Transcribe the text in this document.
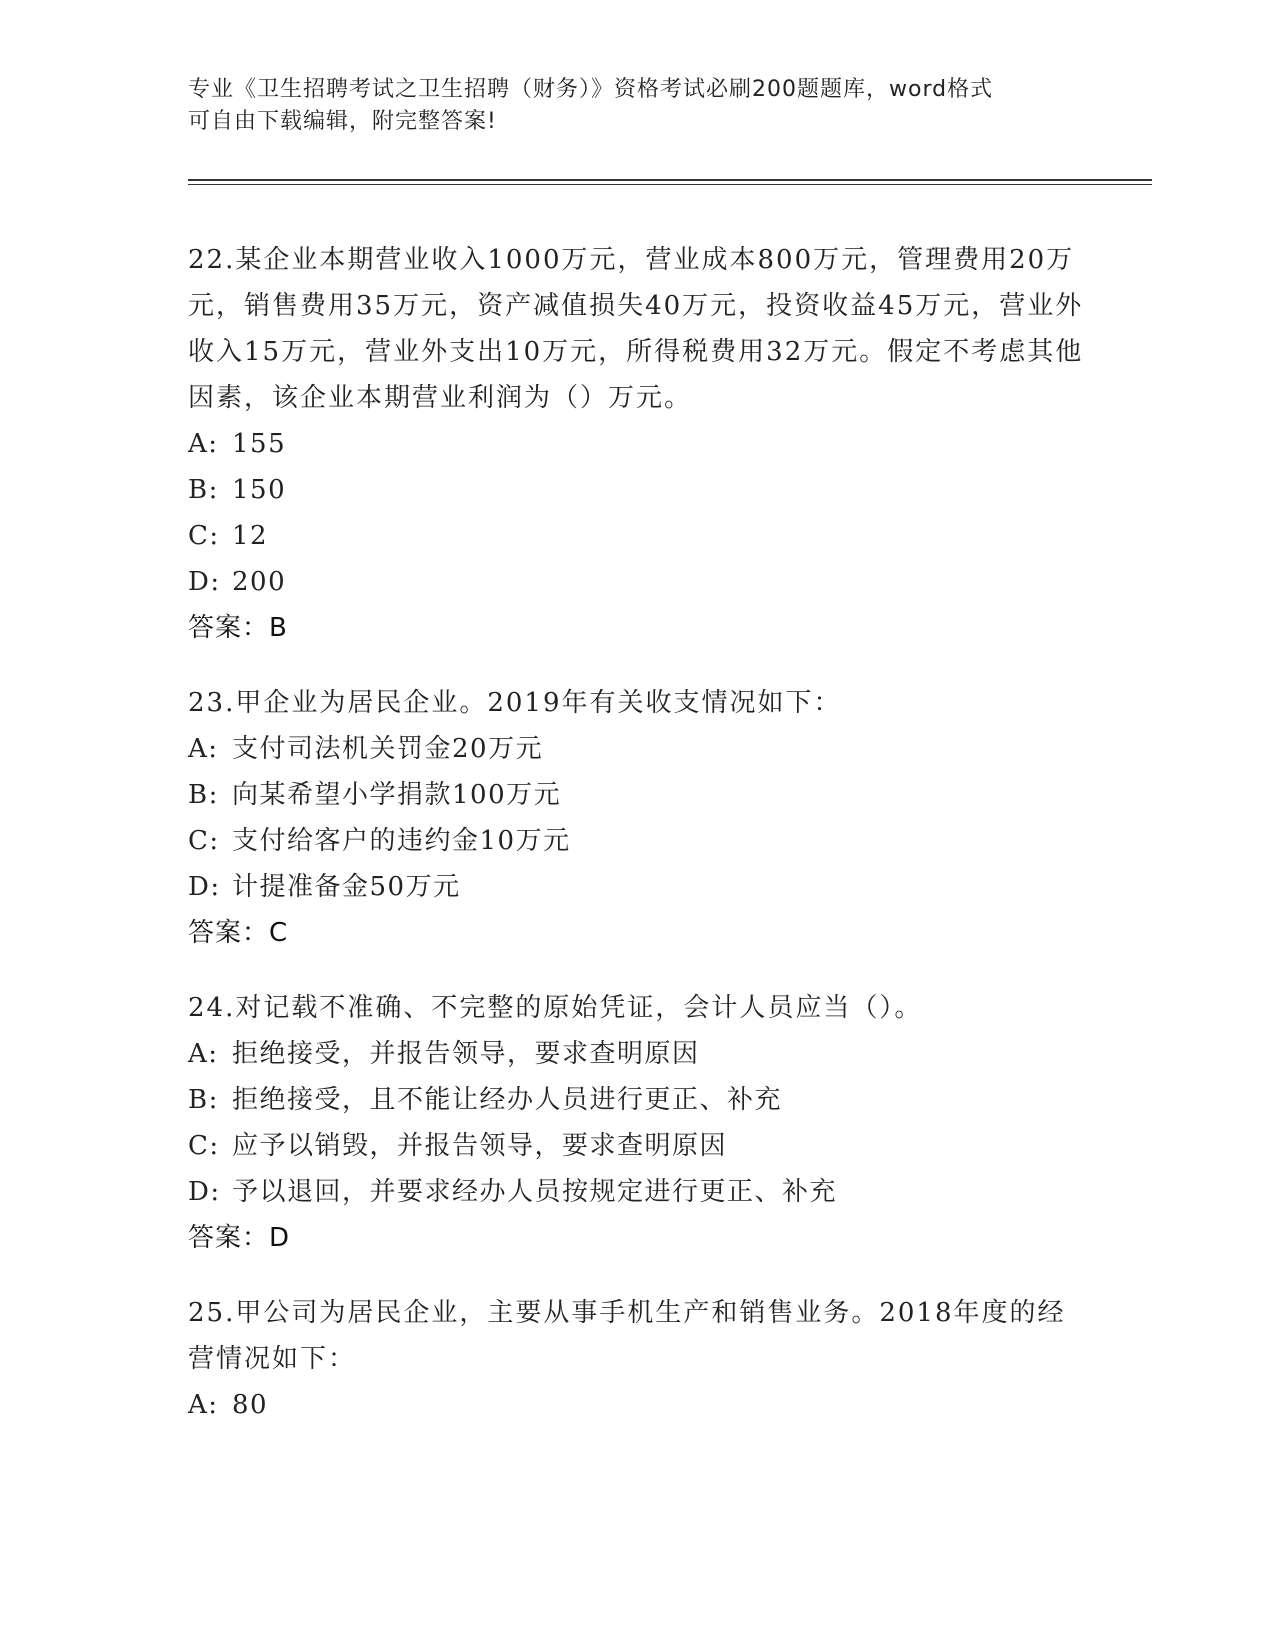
专业《卫生招聘考试之卫生招聘（财务）》资格考试必刷200题题库，word格式
可自由下载编辑，附完整答案!

22.某企业本期营业收入1000万元，营业成本800万元，管理费用20万元，销售费用35万元，资产减值损失40万元，投资收益45万元，营业外收入15万元，营业外支出10万元，所得税费用32万元。假定不考虑其他因素，该企业本期营业利润为（）万元。

A: 155
B: 150
C: 12
D: 200
答案：B

23.甲企业为居民企业。2019年有关收支情况如下：

A: 支付司法机关罚金20万元
B: 向某希望小学捐款100万元
C: 支付给客户的违约金10万元
D: 计提准备金50万元
答案：C

24.对记载不准确、不完整的原始凭证，会计人员应当（）。

A: 拒绝接受，并报告领导，要求查明原因
B: 拒绝接受，且不能让经办人员进行更正、补充
C: 应予以销毁，并报告领导，要求查明原因
D: 予以退回，并要求经办人员按规定进行更正、补充
答案：D

25.甲公司为居民企业，主要从事手机生产和销售业务。2018年度的经营情况如下：

A: 80
